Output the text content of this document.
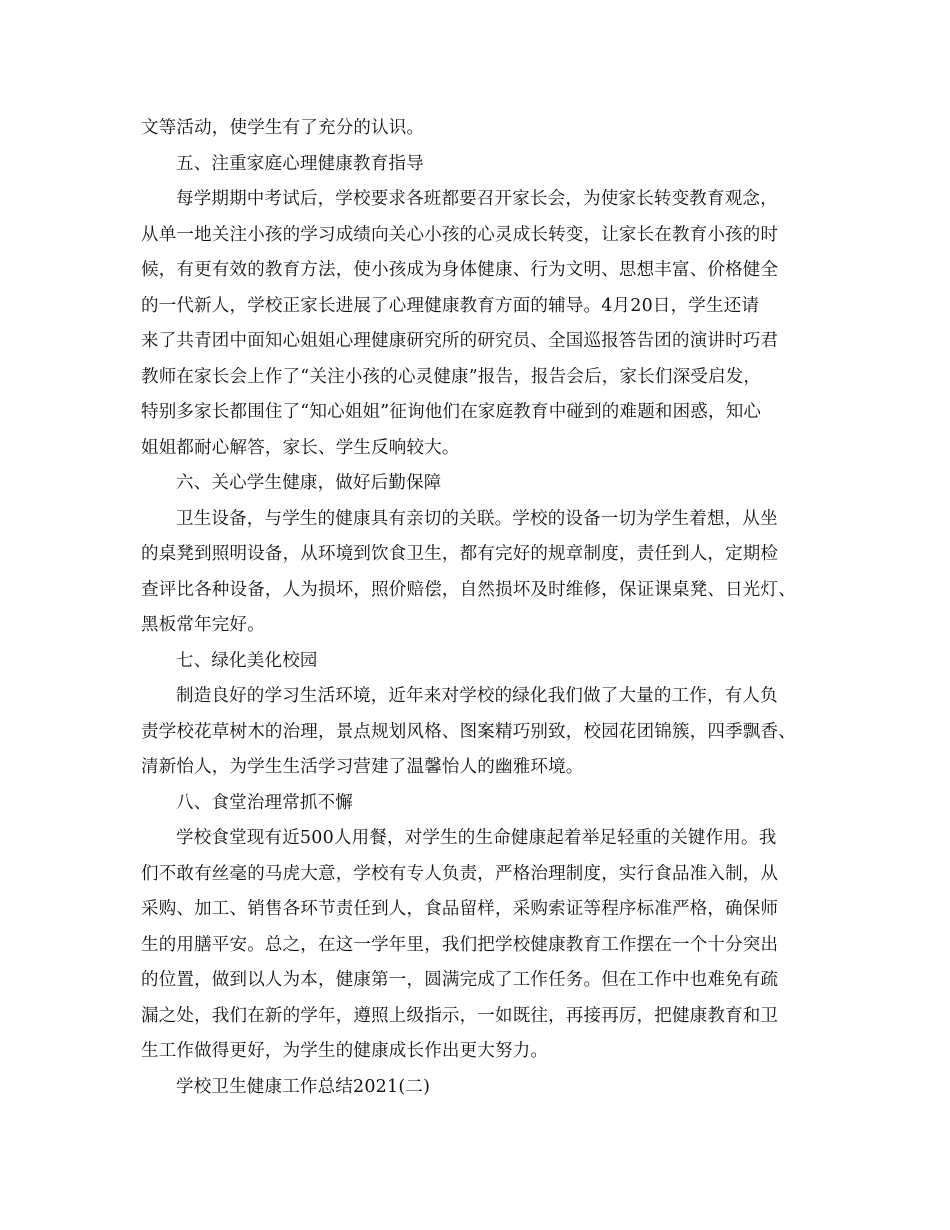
文等活动，使学生有了充分的认识。
五、注重家庭心理健康教育指导
每学期期中考试后，学校要求各班都要召开家长会，为使家长转变教育观念，
从单一地关注小孩的学习成绩向关心小孩的心灵成长转变，让家长在教育小孩的时
候，有更有效的教育方法，使小孩成为身体健康、行为文明、思想丰富、价格健全
的一代新人，学校正家长进展了心理健康教育方面的辅导。4月20日，学生还请
来了共青团中面知心姐姐心理健康研究所的研究员、全国巡报答告团的演讲时巧君
教师在家长会上作了“关注小孩的心灵健康”报告，报告会后，家长们深受启发，
特别多家长都围住了“知心姐姐”征询他们在家庭教育中碰到的难题和困惑，知心
姐姐都耐心解答，家长、学生反响较大。
六、关心学生健康，做好后勤保障
卫生设备，与学生的健康具有亲切的关联。学校的设备一切为学生着想，从坐
的桌凳到照明设备，从环境到饮食卫生，都有完好的规章制度，责任到人，定期检
查评比各种设备，人为损坏，照价赔偿，自然损坏及时维修，保证课桌凳、日光灯、
黑板常年完好。
七、绿化美化校园
制造良好的学习生活环境，近年来对学校的绿化我们做了大量的工作，有人负
责学校花草树木的治理，景点规划风格、图案精巧别致，校园花团锦簇，四季飘香、
清新怡人，为学生生活学习营建了温馨怡人的幽雅环境。
八、食堂治理常抓不懈
学校食堂现有近500人用餐，对学生的生命健康起着举足轻重的关键作用。我
们不敢有丝毫的马虎大意，学校有专人负责，严格治理制度，实行食品准入制，从
采购、加工、销售各环节责任到人，食品留样，采购索证等程序标准严格，确保师
生的用膳平安。总之，在这一学年里，我们把学校健康教育工作摆在一个十分突出
的位置，做到以人为本，健康第一，圆满完成了工作任务。但在工作中也难免有疏
漏之处，我们在新的学年，遵照上级指示，一如既往，再接再厉，把健康教育和卫
生工作做得更好，为学生的健康成长作出更大努力。
学校卫生健康工作总结2021(二)
